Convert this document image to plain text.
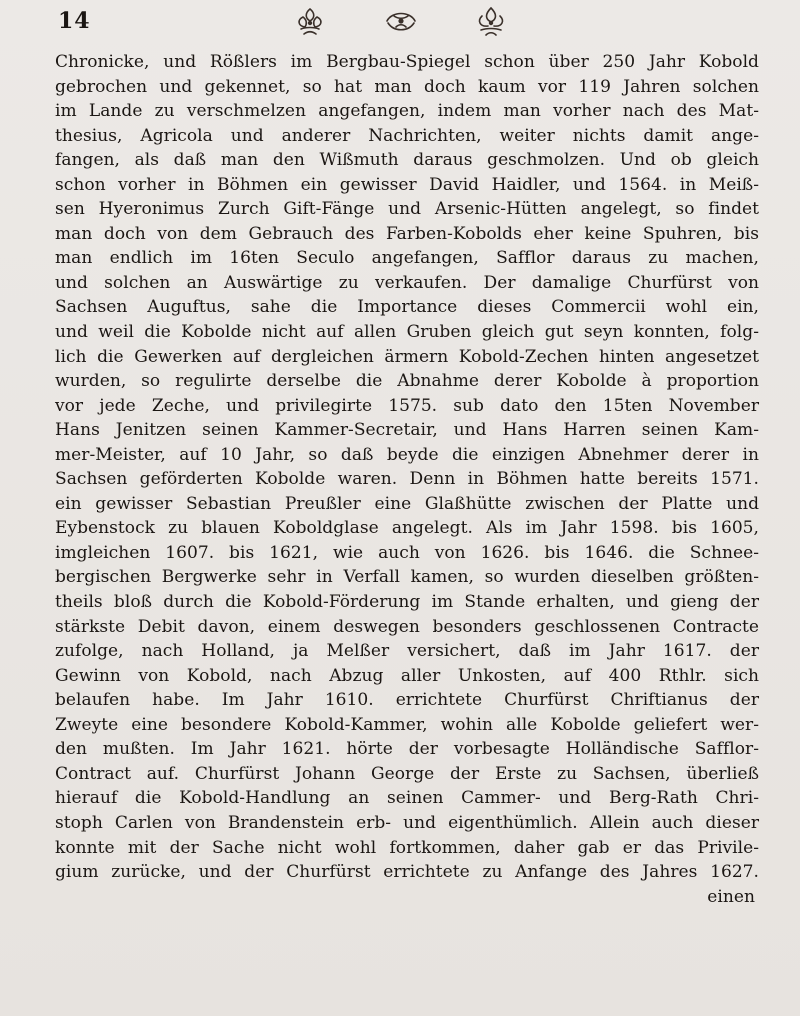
14
Chronicke, und Rößlers im Bergbau-Spiegel schon über 250 Jahr Kobold
gebrochen und gekennet, so hat man doch kaum vor 119 Jahren solchen
im Lande zu verschmelzen angefangen, indem man vorher nach des Mat-
thesius, Agricola und anderer Nachrichten, weiter nichts damit ange-
fangen, als daß man den Wißmuth daraus geschmolzen. Und ob gleich
schon vorher in Böhmen ein gewisser David Haidler, und 1564. in Meiß-
sen Hyeronimus Zurch Gift-Fänge und Arsenic-Hütten angelegt, so findet
man doch von dem Gebrauch des Farben-Kobolds eher keine Spuhren, bis
man endlich im 16ten Seculo angefangen, Safflor daraus zu machen,
und solchen an Auswärtige zu verkaufen. Der damalige Churfürst von
Sachsen Auguftus, sahe die Importance dieses Commercii wohl ein,
und weil die Kobolde nicht auf allen Gruben gleich gut seyn konnten, folg-
lich die Gewerken auf dergleichen ärmern Kobold-Zechen hinten angesetzet
wurden, so regulirte derselbe die Abnahme derer Kobolde à proportion
vor jede Zeche, und privilegirte 1575. sub dato den 15ten November
Hans Jenitzen seinen Kammer-Secretair, und Hans Harren seinen Kam-
mer-Meister, auf 10 Jahr, so daß beyde die einzigen Abnehmer derer in
Sachsen geförderten Kobolde waren. Denn in Böhmen hatte bereits 1571.
ein gewisser Sebastian Preußler eine Glaßhütte zwischen der Platte und
Eybenstock zu blauen Koboldglase angelegt. Als im Jahr 1598. bis 1605,
imgleichen 1607. bis 1621, wie auch von 1626. bis 1646. die Schnee-
bergischen Bergwerke sehr in Verfall kamen, so wurden dieselben größten-
theils bloß durch die Kobold-Förderung im Stande erhalten, und gieng der
stärkste Debit davon, einem deswegen besonders geschlossenen Contracte
zufolge, nach Holland, ja Melßer versichert, daß im Jahr 1617. der
Gewinn von Kobold, nach Abzug aller Unkosten, auf 400 Rthlr. sich
belaufen habe. Im Jahr 1610. errichtete Churfürst Chriftianus der
Zweyte eine besondere Kobold-Kammer, wohin alle Kobolde geliefert wer-
den mußten. Im Jahr 1621. hörte der vorbesagte Holländische Safflor-
Contract auf. Churfürst Johann George der Erste zu Sachsen, überließ
hierauf die Kobold-Handlung an seinen Cammer- und Berg-Rath Chri-
stoph Carlen von Brandenstein erb- und eigenthümlich. Allein auch dieser
konnte mit der Sache nicht wohl fortkommen, daher gab er das Privile-
gium zurücke, und der Churfürst errichtete zu Anfange des Jahres 1627.
einen
